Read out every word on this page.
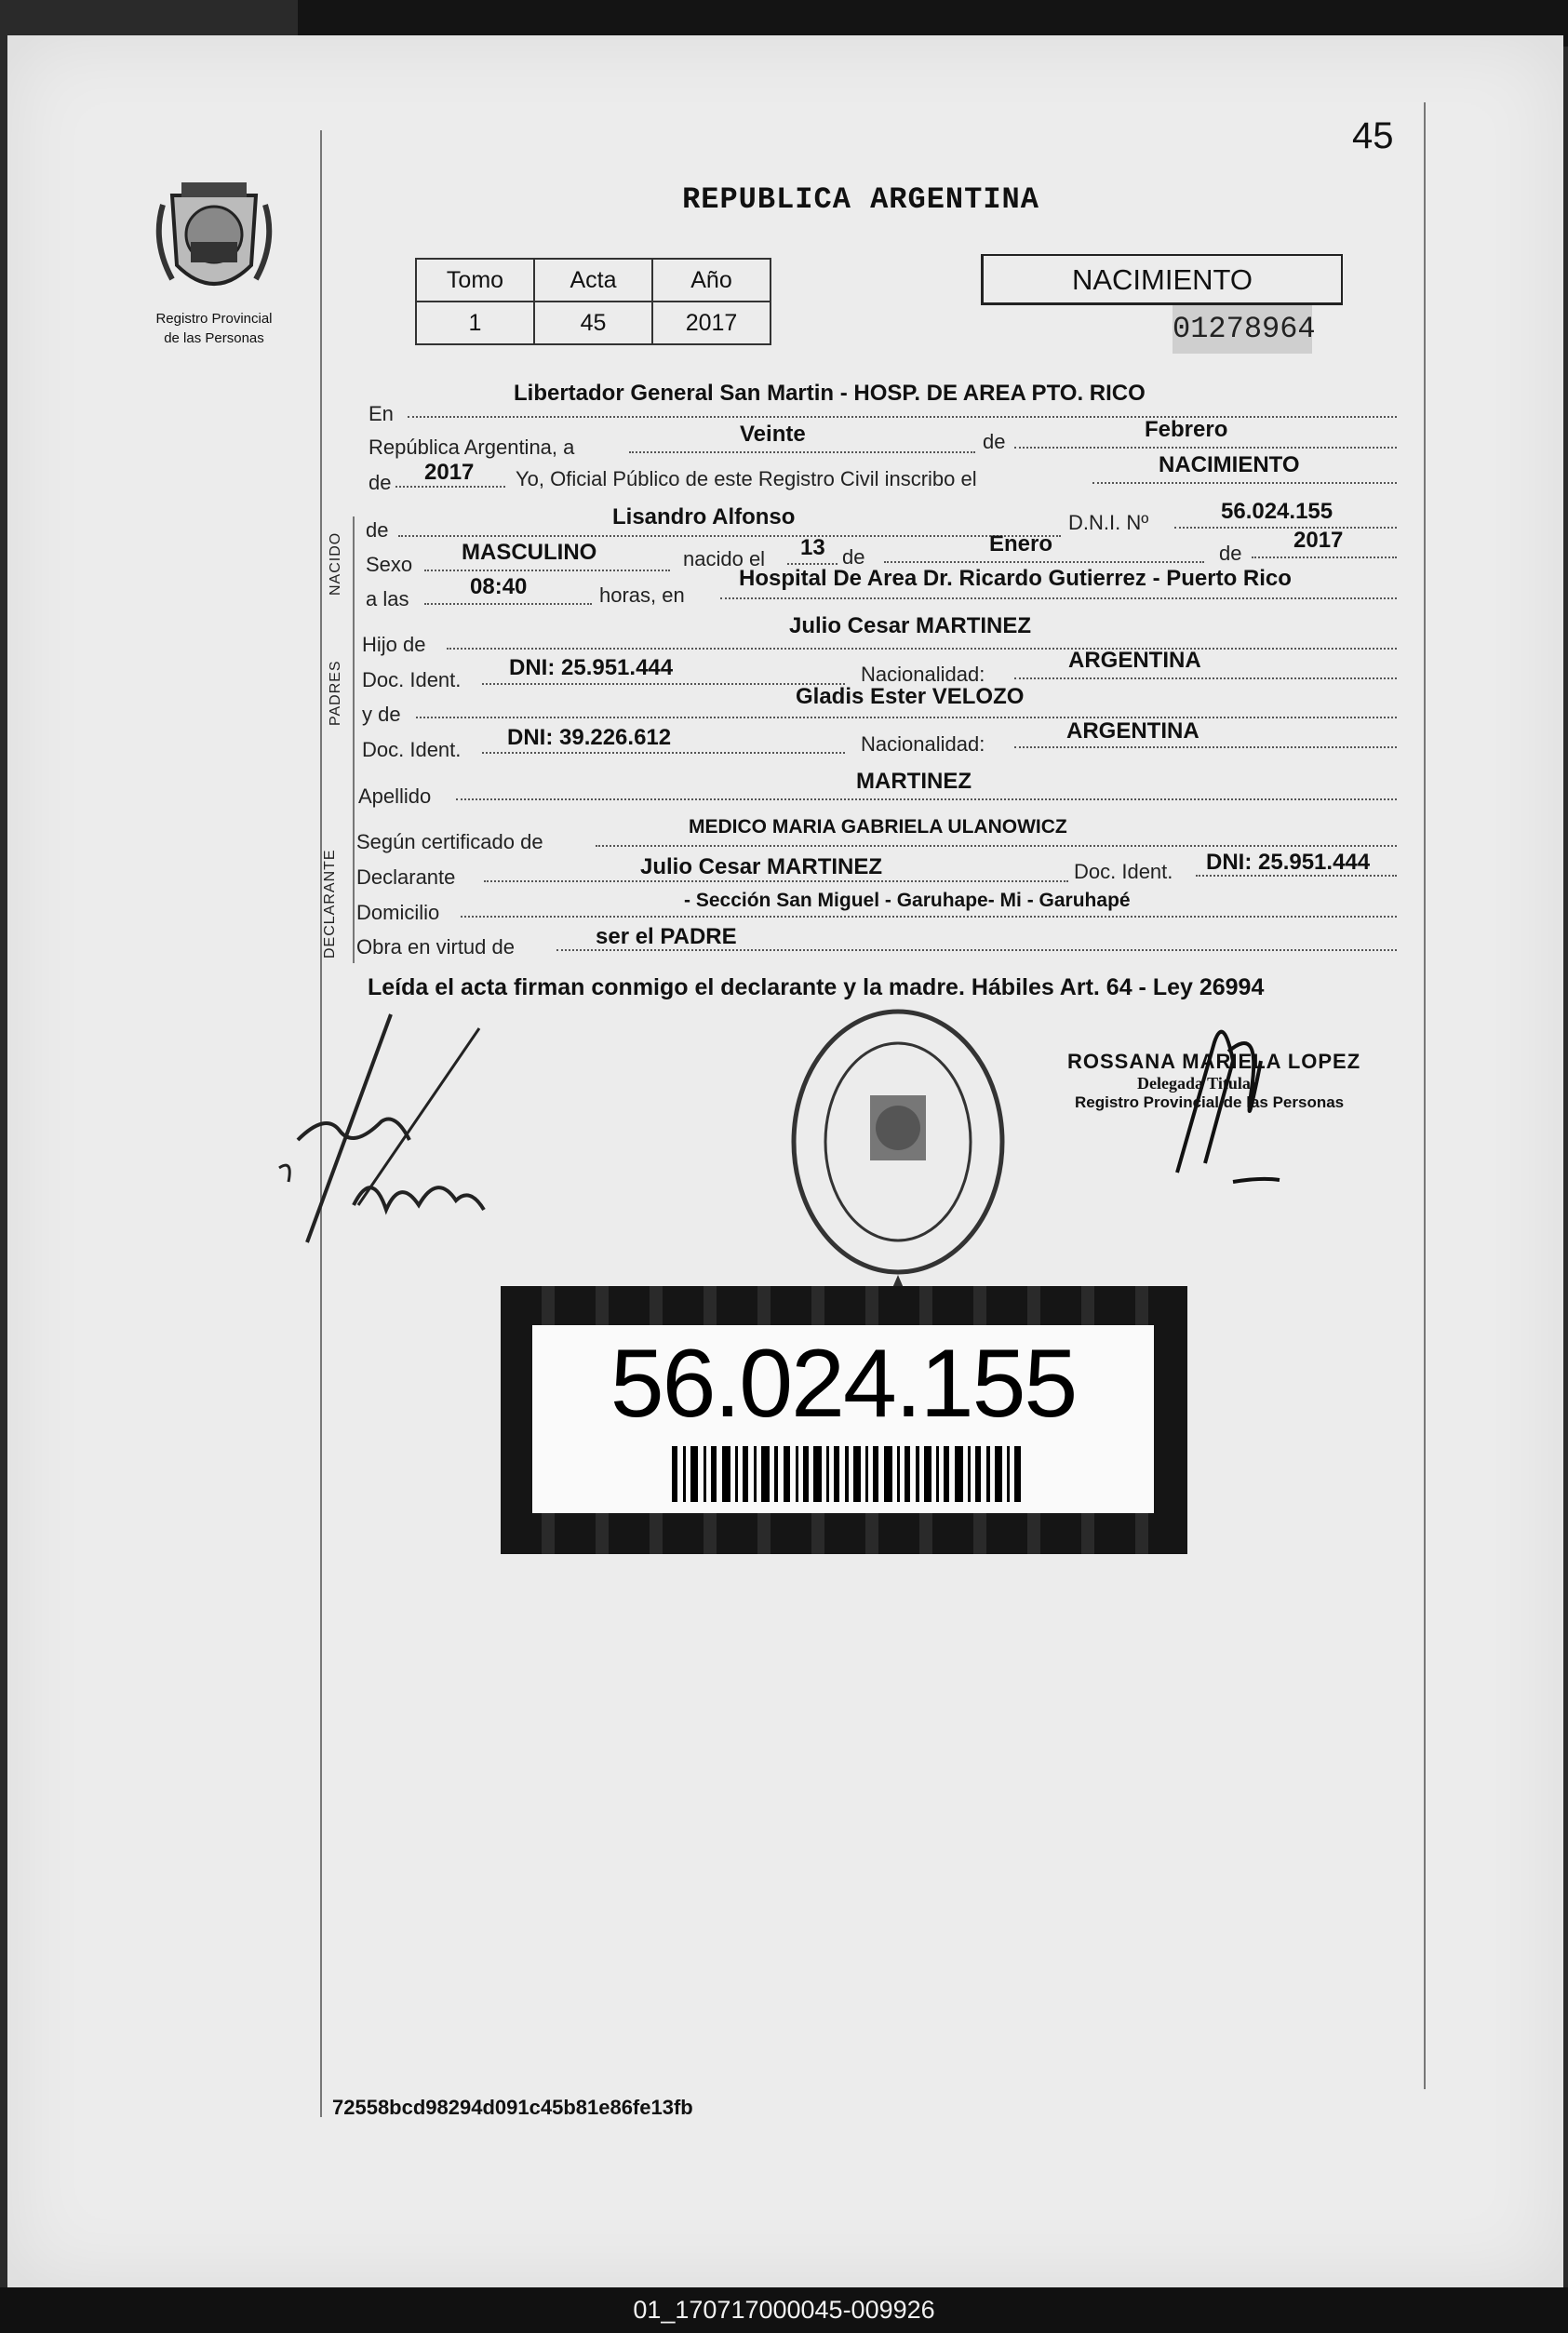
45
Registro Provincial
de las Personas
REPUBLICA ARGENTINA
Tomo	Acta	Año
1	45	2017
NACIMIENTO
01278964
En
Libertador General San Martin - HOSP. DE AREA PTO. RICO
República Argentina, a
Veinte	de	Febrero
de 2017 Yo, Oficial Público de este Registro Civil inscribo el
NACIMIENTO
NACIDO
de
Lisandro Alfonso	D.N.I. Nº	56.024.155
Sexo MASCULINO	nacido el 13 de
Enero	de
2017
a las	08:40	horas, en
Hospital De Area Dr. Ricardo Gutierrez - Puerto Rico
PADRES
Hijo de
Julio Cesar MARTINEZ
Doc. Ident. DNI: 25.951.444	Nacionalidad:
ARGENTINA
y de
Gladis Ester VELOZO
Doc. Ident. DNI: 39.226.612	Nacionalidad:
ARGENTINA
Apellido
MARTINEZ
DECLARANTE
Según certificado de
MEDICO MARIA GABRIELA ULANOWICZ
Declarante	Julio Cesar MARTINEZ	Doc. Ident. DNI: 25.951.444
Domicilio
- Sección San Miguel - Garuhape- Mi - Garuhapé
Obra en virtud de	ser el PADRE
Leída el acta firman conmigo el declarante y la madre. Hábiles Art. 64 - Ley 26994
ROSSANA MARIELA LOPEZ
Delegada Titular
Registro Provincial de las Personas
56.024.155
72558bcd98294d091c45b81e86fe13fb
01_170717000045-009926
